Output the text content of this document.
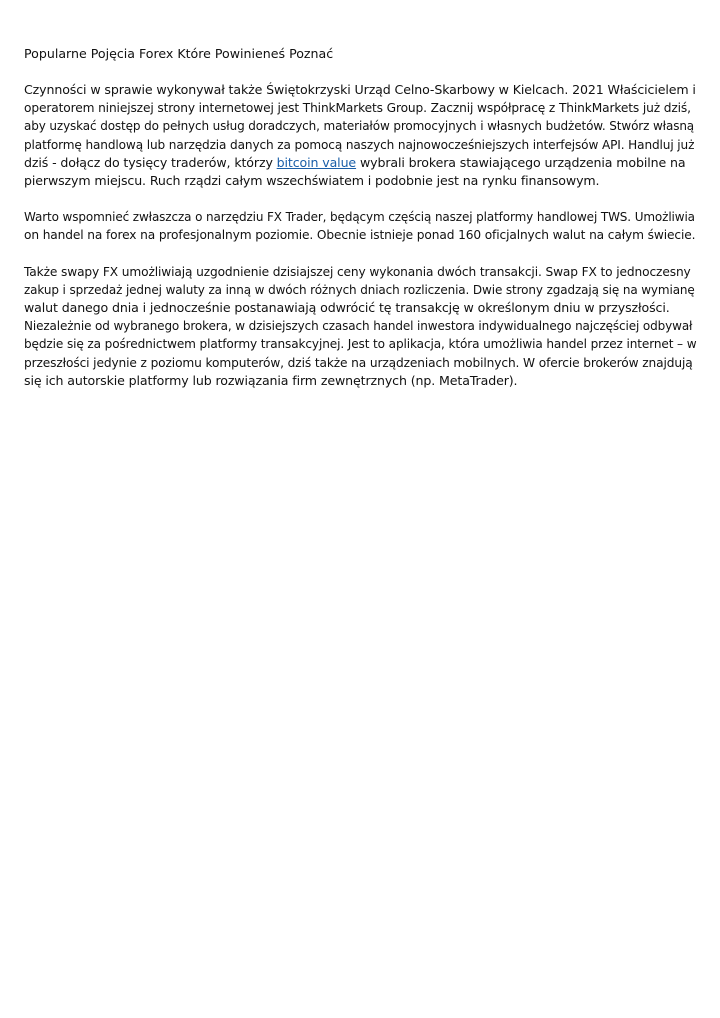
Popularne Pojęcia Forex Które Powinieneś Poznać
Czynności w sprawie wykonywał także Świętokrzyski Urząd Celno-Skarbowy w Kielcach. 2021 Właścicielem i
operatorem niniejszej strony internetowej jest ThinkMarkets Group. Zacznij współpracę z ThinkMarkets już dziś,
aby uzyskać dostęp do pełnych usług doradczych, materiałów promocyjnych i własnych budżetów. Stwórz własną
platformę handlową lub narzędzia danych za pomocą naszych najnowocześniejszych interfejsów API. Handluj już
dziś - dołącz do tysięcy traderów, którzy bitcoin value wybrali brokera stawiającego urządzenia mobilne na
pierwszym miejscu. Ruch rządzi całym wszechświatem i podobnie jest na rynku finansowym.
Warto wspomnieć zwłaszcza o narzędziu FX Trader, będącym częścią naszej platformy handlowej TWS. Umożliwia
on handel na forex na profesjonalnym poziomie. Obecnie istnieje ponad 160 oficjalnych walut na całym świecie.
Także swapy FX umożliwiają uzgodnienie dzisiajszej ceny wykonania dwóch transakcji. Swap FX to jednoczesny
zakup i sprzedaż jednej waluty za inną w dwóch różnych dniach rozliczenia. Dwie strony zgadzają się na wymianę
walut danego dnia i jednocześnie postanawiają odwrócić tę transakcję w określonym dniu w przyszłości.
Niezależnie od wybranego brokera, w dzisiejszych czasach handel inwestora indywidualnego najczęściej odbywał
będzie się za pośrednictwem platformy transakcyjnej. Jest to aplikacja, która umożliwia handel przez internet – w
przeszłości jedynie z poziomu komputerów, dziś także na urządzeniach mobilnych. W ofercie brokerów znajdują
się ich autorskie platformy lub rozwiązania firm zewnętrznych (np. MetaTrader).
